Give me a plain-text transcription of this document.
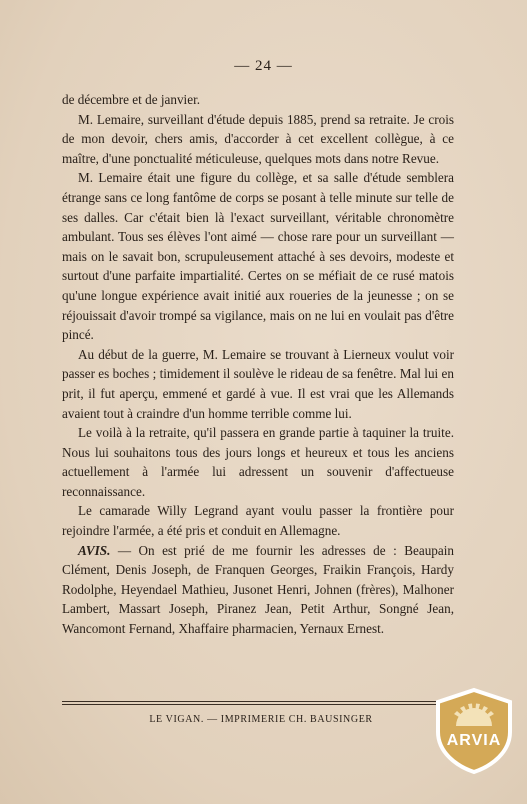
— 24 —

de décembre et de janvier.

M. Lemaire, surveillant d'étude depuis 1885, prend sa retraite. Je crois de mon devoir, chers amis, d'accorder à cet excellent collègue, à ce maître, d'une ponctualité méticuleuse, quelques mots dans notre Revue.

M. Lemaire était une figure du collège, et sa salle d'étude semblera étrange sans ce long fantôme de corps se posant à telle minute sur telle de ses dalles. Car c'était bien là l'exact surveillant, véritable chronomètre ambulant. Tous ses élèves l'ont aimé — chose rare pour un surveillant — mais on le savait bon, scrupuleusement attaché à ses devoirs, modeste et surtout d'une parfaite impartialité. Certes on se méfiait de ce rusé matois qu'une longue expérience avait initié aux roueries de la jeunesse ; on se réjouissait d'avoir trompé sa vigilance, mais on ne lui en voulait pas d'être pincé.

Au début de la guerre, M. Lemaire se trouvant à Lierneux voulut voir passer es boches ; timidement il soulève le rideau de sa fenêtre. Mal lui en prit, il fut aperçu, emmené et gardé à vue. Il est vrai que les Allemands avaient tout à craindre d'un homme terrible comme lui.

Le voilà à la retraite, qu'il passera en grande partie à taquiner la truite. Nous lui souhaitons tous des jours longs et heureux et tous les anciens actuellement à l'armée lui adressent un souvenir d'affectueuse reconnaissance.

Le camarade Willy Legrand ayant voulu passer la frontière pour rejoindre l'armée, a été pris et conduit en Allemagne.

AVIS. — On est prié de me fournir les adresses de : Beaupain Clément, Denis Joseph, de Franquen Georges, Fraikin François, Hardy Rodolphe, Heyendael Mathieu, Jusonet Henri, Johnen (frères), Malhoner Lambert, Massart Joseph, Piranez Jean, Petit Arthur, Songné Jean, Wancomont Fernand, Xhaffaire pharmacien, Yernaux Ernest.

LE VIGAN. — IMPRIMERIE CH. BAUSINGER
ARVIA
